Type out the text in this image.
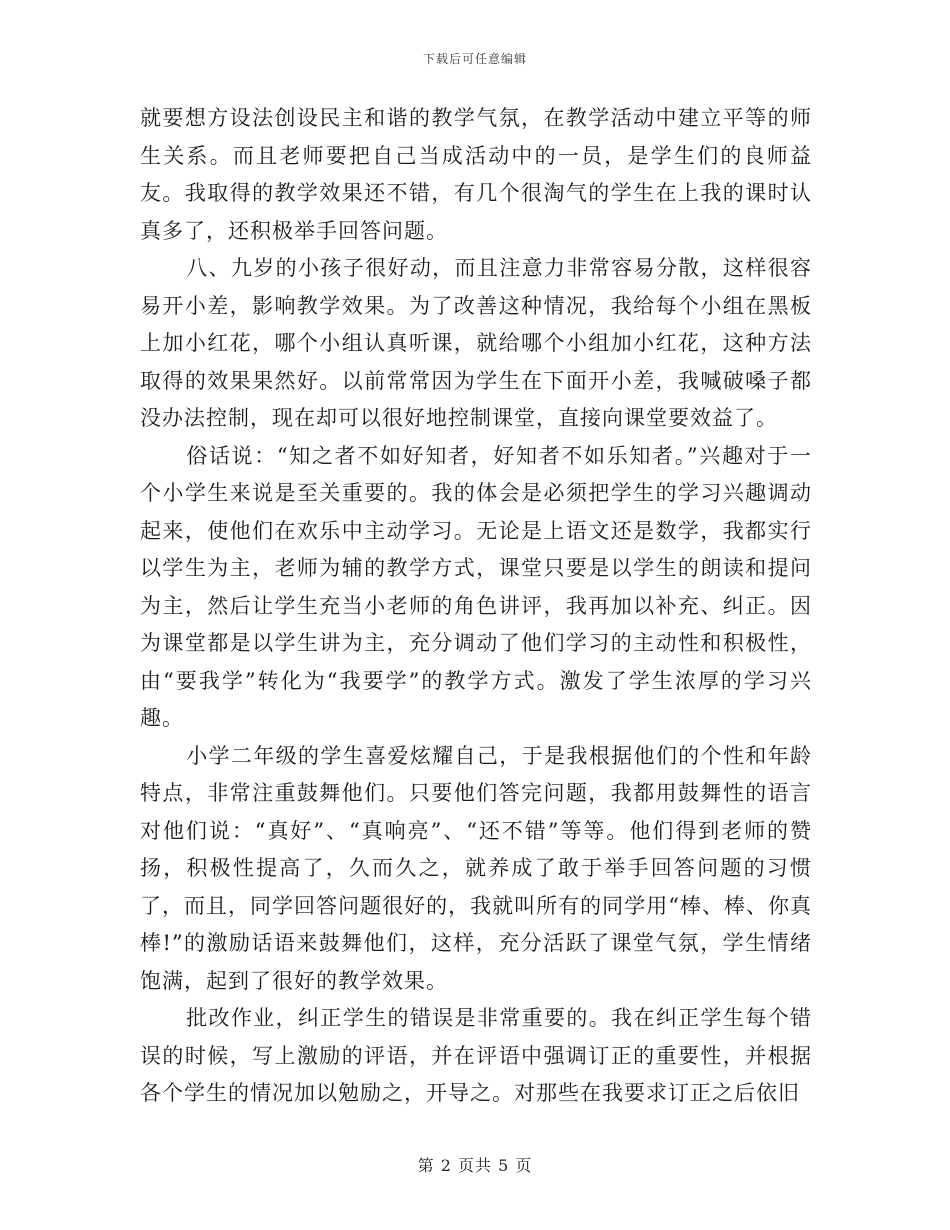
下载后可任意编辑

就要想方设法创设民主和谐的教学气氛，在教学活动中建立平等的师生关系。而且老师要把自己当成活动中的一员，是学生们的良师益友。我取得的教学效果还不错，有几个很淘气的学生在上我的课时认真多了，还积极举手回答问题。

八、九岁的小孩子很好动，而且注意力非常容易分散，这样很容易开小差，影响教学效果。为了改善这种情况，我给每个小组在黑板上加小红花，哪个小组认真听课，就给哪个小组加小红花，这种方法取得的效果果然好。以前常常因为学生在下面开小差，我喊破嗓子都没办法控制，现在却可以很好地控制课堂，直接向课堂要效益了。

俗话说：“知之者不如好知者，好知者不如乐知者。”兴趣对于一个小学生来说是至关重要的。我的体会是必须把学生的学习兴趣调动起来，使他们在欢乐中主动学习。无论是上语文还是数学，我都实行以学生为主，老师为辅的教学方式，课堂只要是以学生的朗读和提问为主，然后让学生充当小老师的角色讲评，我再加以补充、纠正。因为课堂都是以学生讲为主，充分调动了他们学习的主动性和积极性，由“要我学”转化为“我要学”的教学方式。激发了学生浓厚的学习兴趣。

小学二年级的学生喜爱炫耀自己，于是我根据他们的个性和年龄特点，非常注重鼓舞他们。只要他们答完问题，我都用鼓舞性的语言对他们说：“真好”、“真响亮”、“还不错”等等。他们得到老师的赞扬，积极性提高了，久而久之，就养成了敢于举手回答问题的习惯了，而且，同学回答问题很好的，我就叫所有的同学用“棒、棒、你真棒!”的激励话语来鼓舞他们，这样，充分活跃了课堂气氛，学生情绪饱满，起到了很好的教学效果。

批改作业，纠正学生的错误是非常重要的。我在纠正学生每个错误的时候，写上激励的评语，并在评语中强调订正的重要性，并根据各个学生的情况加以勉励之，开导之。对那些在我要求订正之后依旧

第 2 页共 5 页
